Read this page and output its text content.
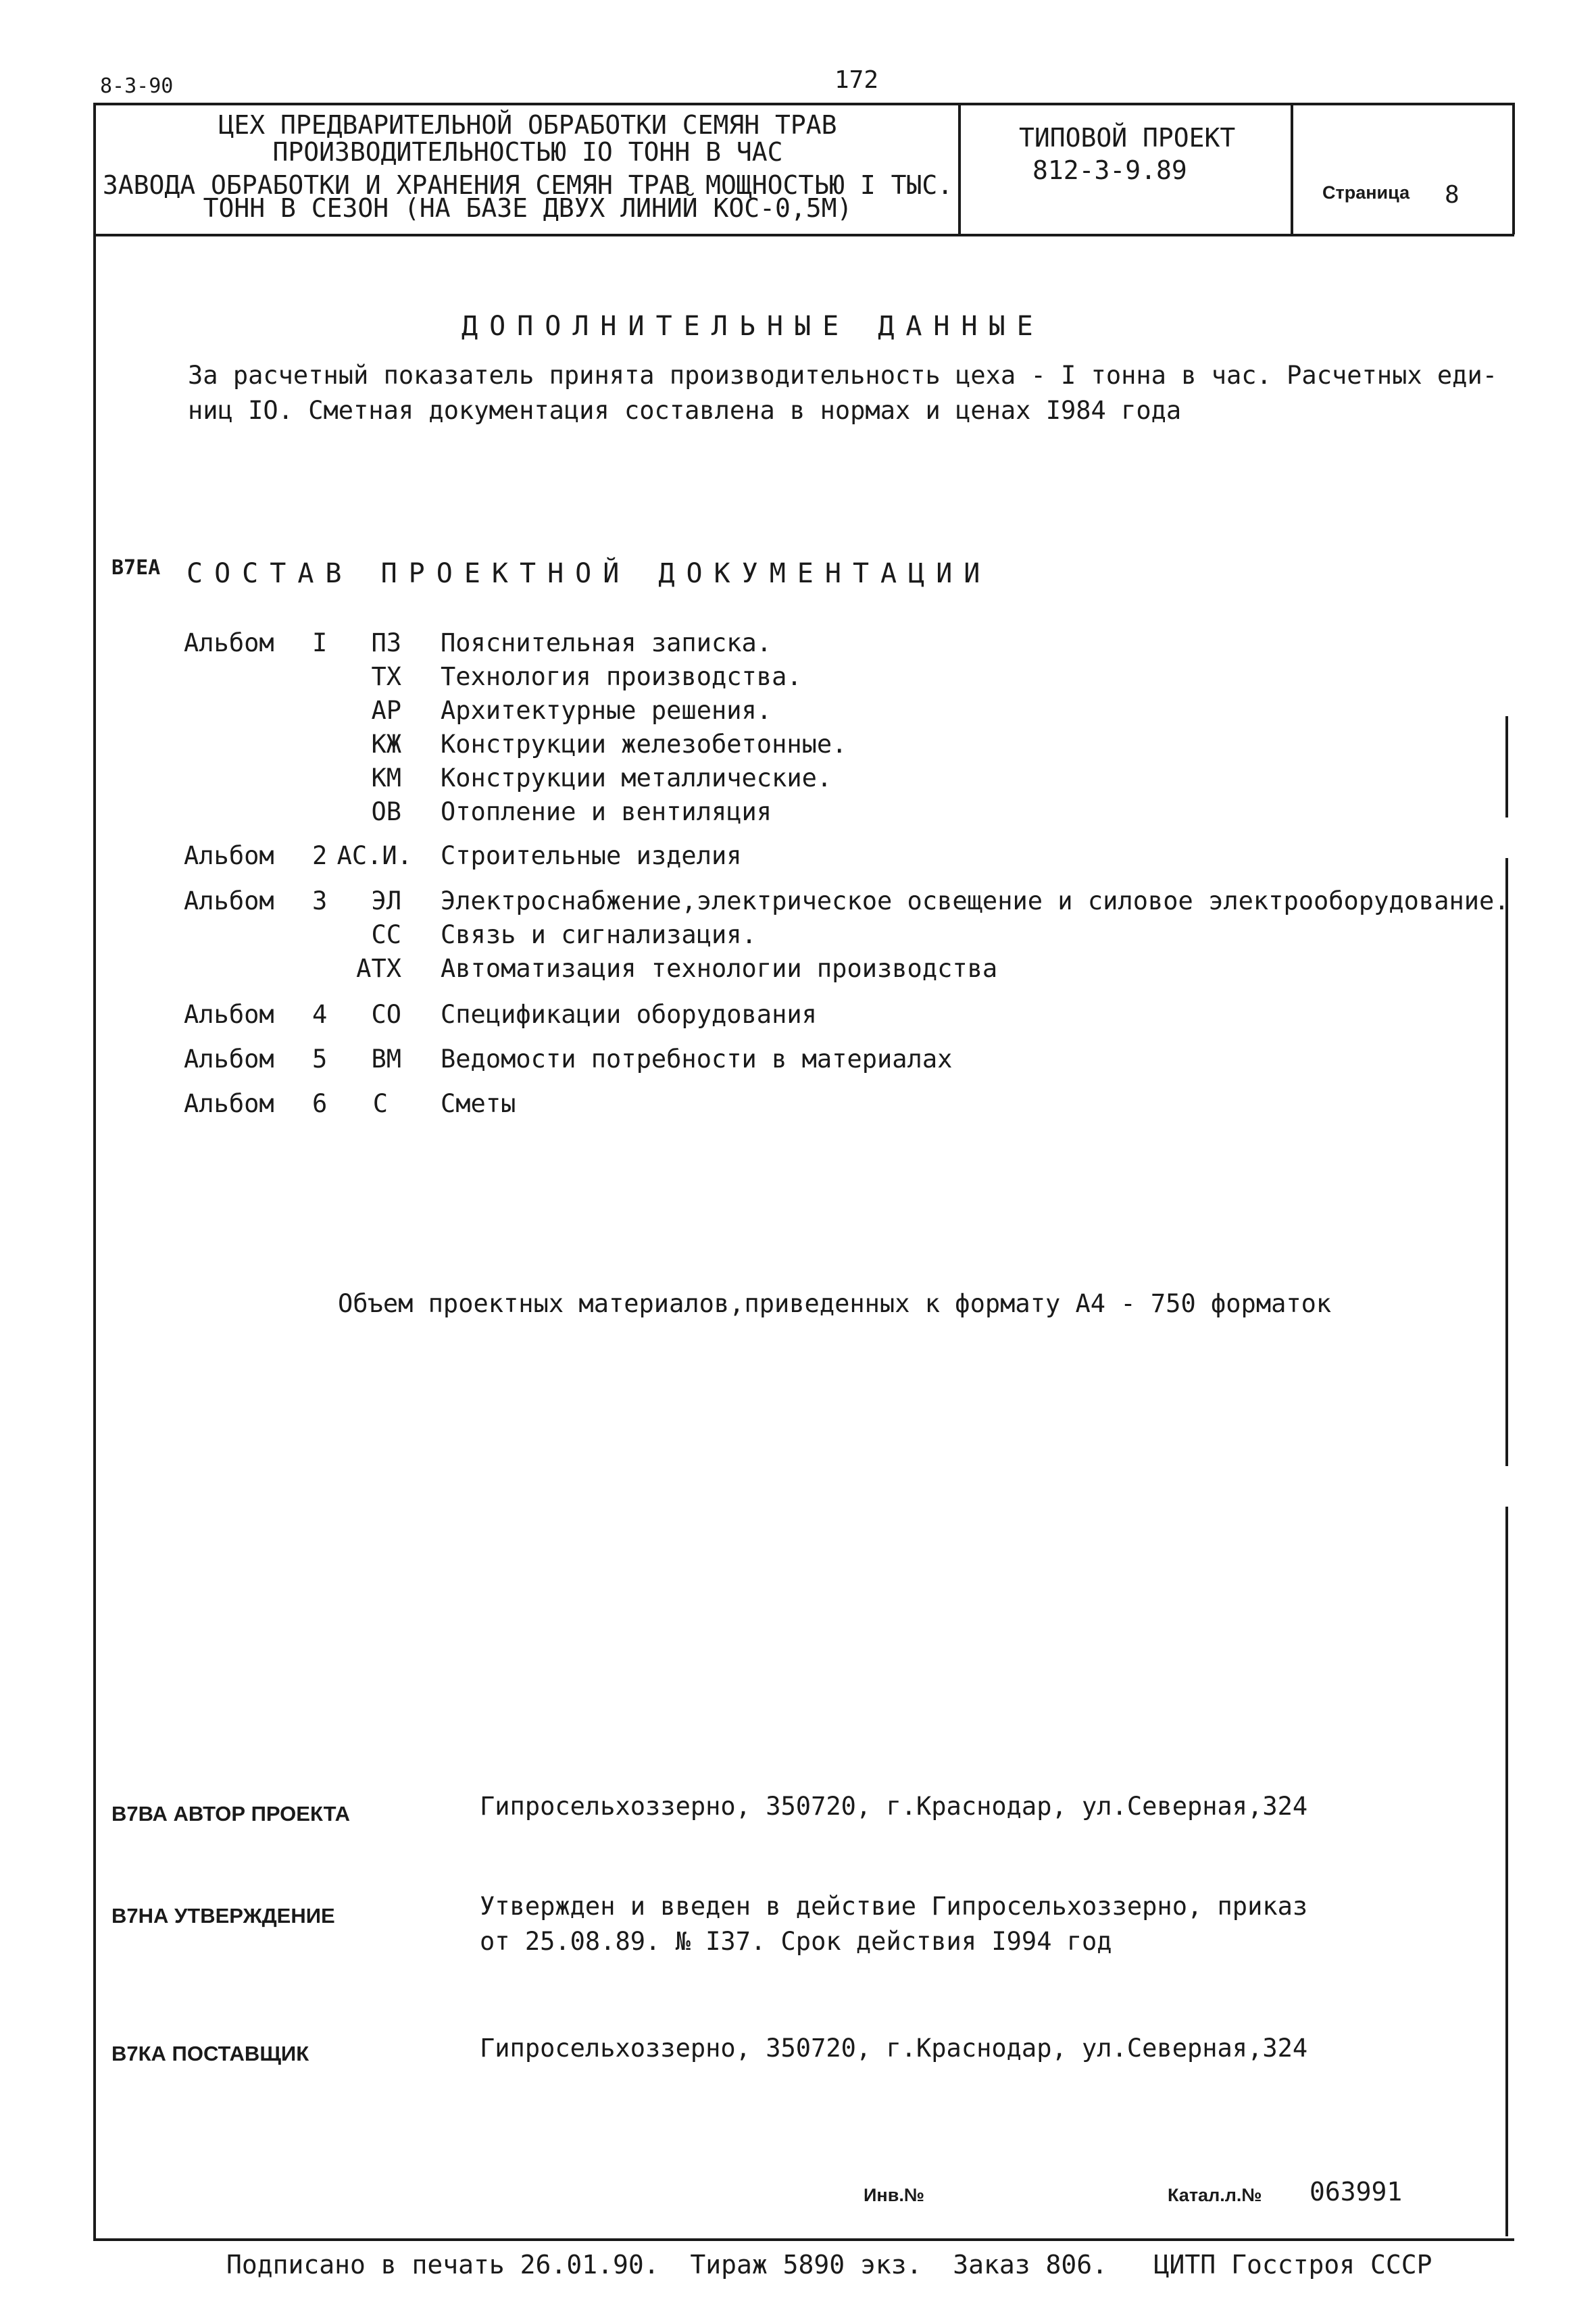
8-3-90	172
ЦЕХ ПРЕДВАРИТЕЛЬНОЙ ОБРАБОТКИ СЕМЯН ТРАВ
ПРОИЗВОДИТЕЛЬНОСТЬЮ IO ТОНН В ЧАС
ЗАВОДА ОБРАБОТКИ И ХРАНЕНИЯ СЕМЯН ТРАВ МОЩНОСТЬЮ I ТЫС.
ТОНН В СЕЗОН (НА БАЗЕ ДВУХ ЛИНИЙ КОС-0,5М)
ТИПОВОЙ ПРОЕКТ
812-3-9.89
Страница 8
ДОПОЛНИТЕЛЬНЫЕ ДАННЫЕ
За расчетный показатель принята производительность цеха - I тонна в час. Расчетных еди-
ниц IO. Сметная документация составлена в нормах и ценах I984 года
В7ЕА СОСТАВ ПРОЕКТНОЙ ДОКУМЕНТАЦИИ
Альбом I	ПЗ Пояснительная записка.
ТХ Технология производства.
АР Архитектурные решения.
КЖ Конструкции железобетонные.
КМ Конструкции металлические.
ОВ Отопление и вентиляция
Альбом 2 АС.И. Строительные изделия
Альбом 3	ЭЛ Электроснабжение,электрическое освещение и силовое электрооборудование.
СС Связь и сигнализация.
АТХ Автоматизация технологии производства
Альбом 4	СО Спецификации оборудования
Альбом 5	ВМ Ведомости потребности в материалах
Альбом 6	С Сметы
Объем проектных материалов,приведенных к формату А4 - 750 форматок
В7ВА АВТОР ПРОЕКТА	Гипросельхоззерно, 350720, г.Краснодар, ул.Северная,324
В7НА УТВЕРЖДЕНИЕ	Утвержден и введен в действие Гипросельхоззерно, приказ
от 25.08.89. № I37. Срок действия I994 год
В7КА ПОСТАВЩИК	Гипросельхоззерно, 350720, г.Краснодар, ул.Северная,324
Инв.№	Катал.л.№ 063991
Подписано в печать 26.01.90.  Тираж 5890 экз.  Заказ 806.   ЦИТП Госстроя СССР
